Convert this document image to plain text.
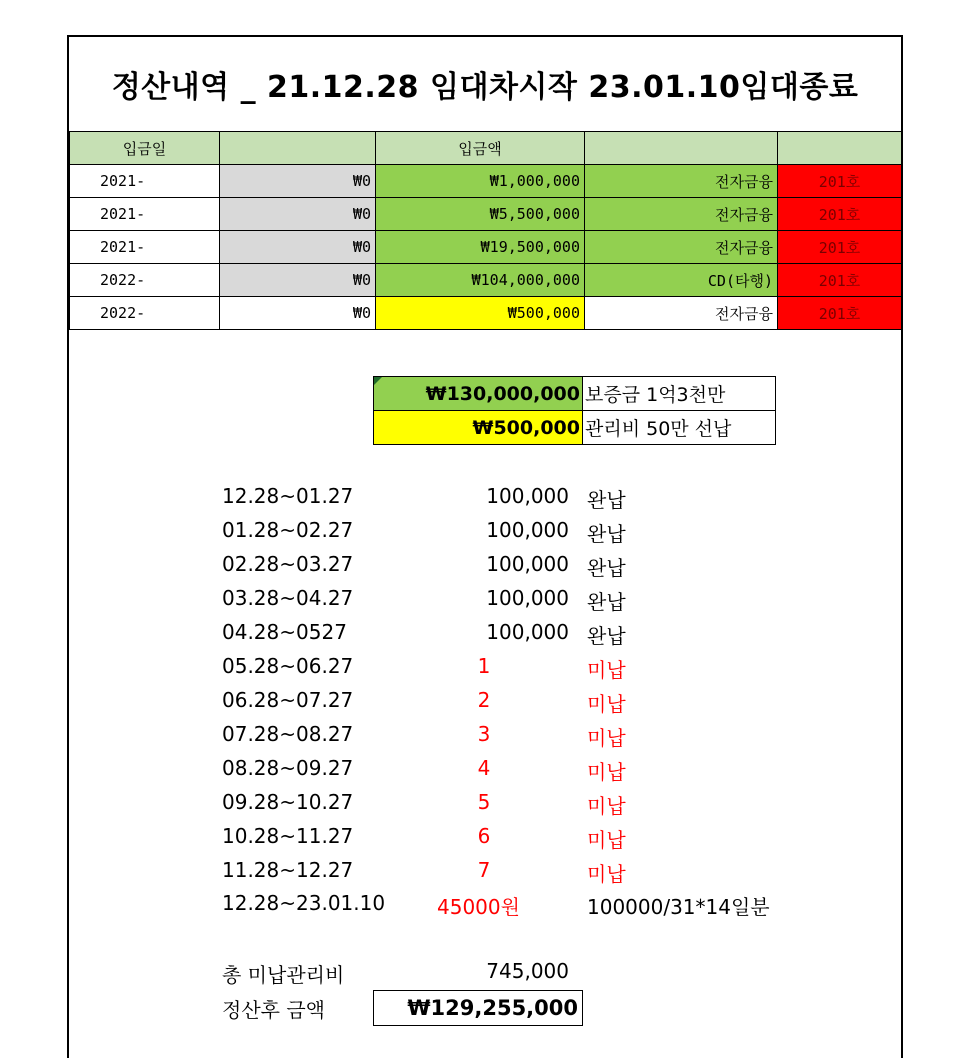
정산내역 _ 21.12.28 임대차시작 23.01.10임대종료
입금일		입금액		
2021-	₩0	₩1,000,000	전자금융	201호
2021-	₩0	₩5,500,000	전자금융	201호
2021-	₩0	₩19,500,000	전자금융	201호
2022-	₩0	₩104,000,000	CD(타행)	201호
2022-	₩0	₩500,000	전자금융	201호
₩130,000,000	보증금 1억3천만
₩500,000	관리비 50만 선납
12.28~01.27	100,000 완납
01.28~02.27	100,000 완납
02.28~03.27	100,000 완납
03.28~04.27	100,000 완납
04.28~0527	100,000 완납
05.28~06.27	1	미납
06.28~07.27	2	미납
07.28~08.27	3	미납
08.28~09.27	4	미납
09.28~10.27	5	미납
10.28~11.27	6	미납
11.28~12.27	7	미납
12.28~23.01.10	45000원	100000/31*14일분
총 미납관리비	745,000
정산후 금액	₩129,255,000
